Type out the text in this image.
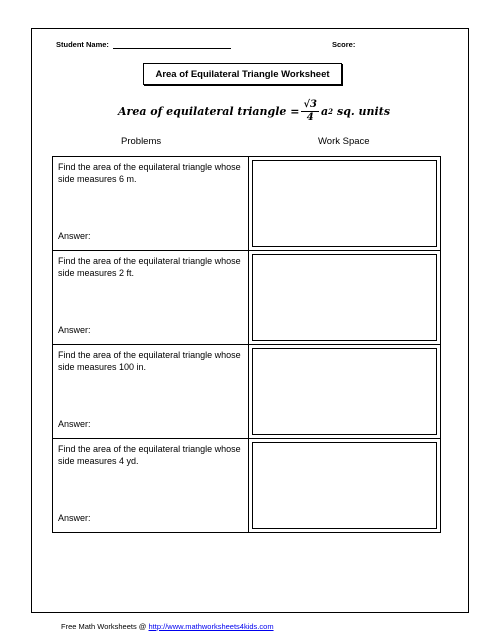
Student Name:	Score:
Area of Equilateral Triangle Worksheet
Area of equilateral triangle = $\frac{√3}{4}$ a 2 sq. units
Problems	Work Space
Find the area of the equilateral triangle whose side measures 6 m.
Answer:
Find the area of the equilateral triangle whose side measures 2 ft.
Answer:
Find the area of the equilateral triangle whose side measures 100 in.
Answer:
Find the area of the equilateral triangle whose side measures 4 yd.
Answer:
Free Math Worksheets @ http://www.mathworksheets4kids.com
